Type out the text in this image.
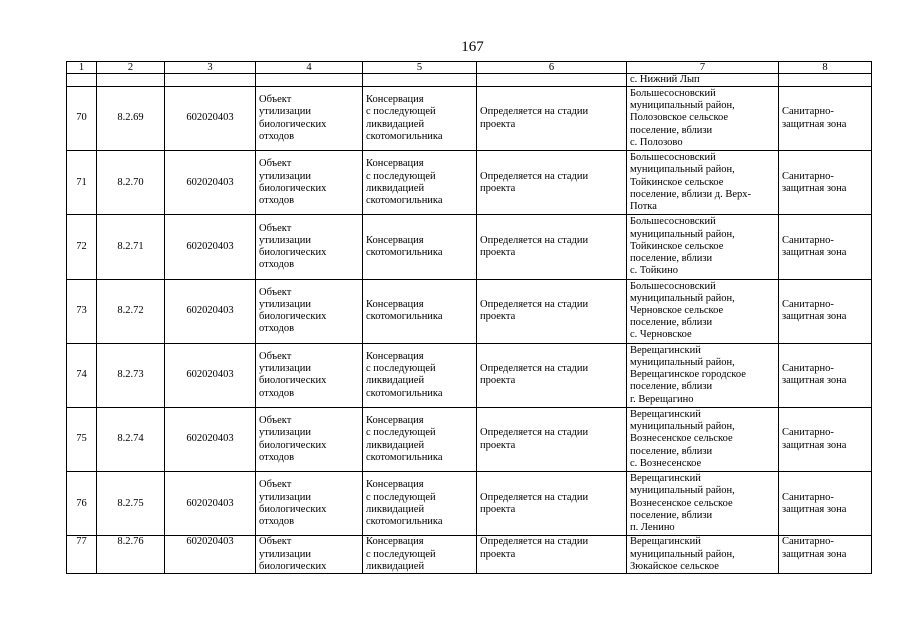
167
1	2	3	4	5	6	7	8
						с. Нижний Лып	
70	8.2.69	602020403	Объект
утилизации
биологических
отходов	Консервация
с последующей
ликвидацией
скотомогильника	Определяется на стадии
проекта	Большесосновский
муниципальный район,
Полозовское сельское
поселение, вблизи
с. Полозово	Санитарно-
защитная зона
71	8.2.70	602020403	Объект
утилизации
биологических
отходов	Консервация
с последующей
ликвидацией
скотомогильника	Определяется на стадии
проекта	Большесосновский
муниципальный район,
Тойкинское сельское
поселение, вблизи д. Верх-
Потка	Санитарно-
защитная зона
72	8.2.71	602020403	Объект
утилизации
биологических
отходов	Консервация
скотомогильника	Определяется на стадии
проекта	Большесосновский
муниципальный район,
Тойкинское сельское
поселение, вблизи
с. Тойкино	Санитарно-
защитная зона
73	8.2.72	602020403	Объект
утилизации
биологических
отходов	Консервация
скотомогильника	Определяется на стадии
проекта	Большесосновский
муниципальный район,
Черновское сельское
поселение, вблизи
с. Черновское	Санитарно-
защитная зона
74	8.2.73	602020403	Объект
утилизации
биологических
отходов	Консервация
с последующей
ликвидацией
скотомогильника	Определяется на стадии
проекта	Верещагинский
муниципальный район,
Верещагинское городское
поселение, вблизи
г. Верещагино	Санитарно-
защитная зона
75	8.2.74	602020403	Объект
утилизации
биологических
отходов	Консервация
с последующей
ликвидацией
скотомогильника	Определяется на стадии
проекта	Верещагинский
муниципальный район,
Вознесенское сельское
поселение, вблизи
с. Вознесенское	Санитарно-
защитная зона
76	8.2.75	602020403	Объект
утилизации
биологических
отходов	Консервация
с последующей
ликвидацией
скотомогильника	Определяется на стадии
проекта	Верещагинский
муниципальный район,
Вознесенское сельское
поселение, вблизи
п. Ленино	Санитарно-
защитная зона
77	8.2.76	602020403	Объект
утилизации
биологических	Консервация
с последующей
ликвидацией	Определяется на стадии
проекта	Верещагинский
муниципальный район,
Зюкайское сельское	Санитарно-
защитная зона
